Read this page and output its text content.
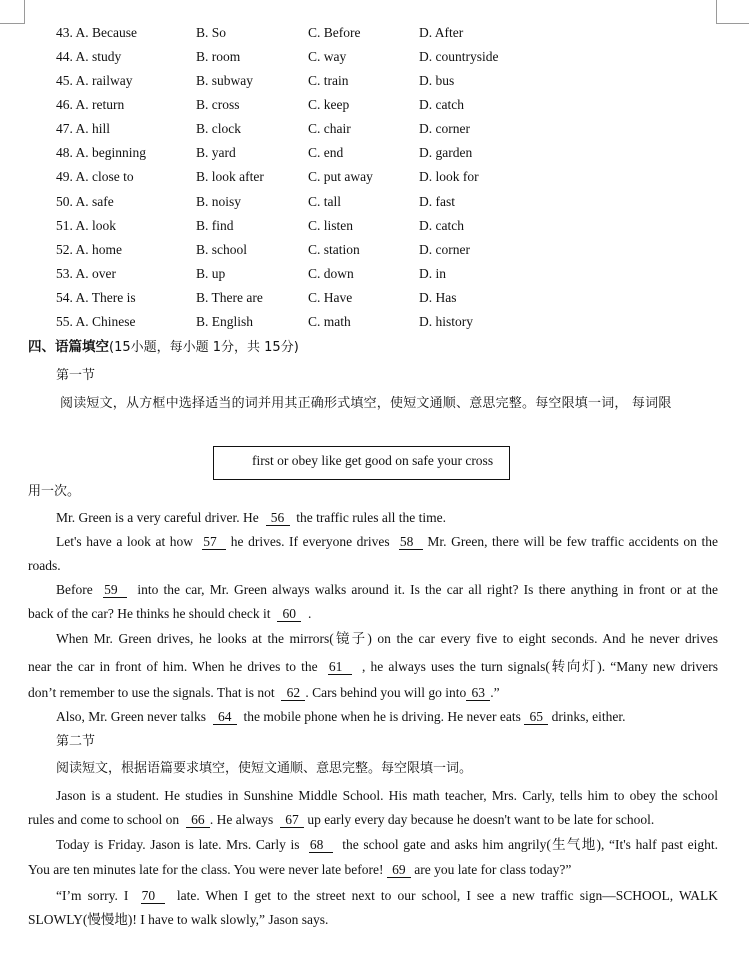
43. A. Because	B. So	C. Before	D. After
44. A. study	B. room	C. way	D. countryside
45. A. railway	B. subway	C. train	D. bus
46. A. return	B. cross	C. keep	D. catch
47. A. hill	B. clock	C. chair	D. corner
48. A. beginning	B. yard	C. end	D. garden
49. A. close to	B. look after	C. put away	D. look for
50. A. safe	B. noisy	C. tall	D. fast
51. A. look	B. find	C. listen	D. catch
52. A. home	B. school	C. station	D. corner
53. A. over	B. up	C. down	D. in
54. A. There is	B. There are	C. Have	D. Has
55. A. Chinese	B. English	C. math	D. history
四、语篇填空(15小题，每小题 1分，共 15分)
第一节
阅读短文，从方框中选择适当的词并用其正确形式填空，使短文通顺、意思完整。每空限填一词， 每词限
first or obey like get good on safe your cross
用一次。
Mr. Green is a very careful driver. He 56 the traffic rules all the time.
Let's have a look at how 57 he drives. If everyone drives 58 Mr. Green, there will be few traffic accidents on the
roads.
Before 59 into the car, Mr. Green always walks around it. Is the car all right? Is there anything in front or at the
back of the car? He thinks he should check it 60 .
When Mr. Green drives, he looks at the mirrors(镜子) on the car every five to eight seconds. And he never drives
near the car in front of him. When he drives to the 61 , he always uses the turn signals(转向灯). “Many new drivers
don’t remember to use the signals. That is not 62 . Cars behind you will go into 63 .”
Also, Mr. Green never talks 64 the mobile phone when he is driving. He never eats 65 drinks, either.
第二节
阅读短文，根据语篇要求填空，使短文通顺、意思完整。每空限填一词。
Jason is a student. He studies in Sunshine Middle School. His math teacher, Mrs. Carly, tells him to obey the school
rules and come to school on 66 . He always 67 up early every day because he doesn't want to be late for school.
Today is Friday. Jason is late. Mrs. Carly is 68 the school gate and asks him angrily(生气地), “It's half past eight.
You are ten minutes late for the class. You were never late before! 69 are you late for class today?”
“I’m sorry. I 70 late. When I get to the street next to our school, I see a new traffic sign—SCHOOL, WALK
SLOWLY(慢慢地)! I have to walk slowly,” Jason says.
